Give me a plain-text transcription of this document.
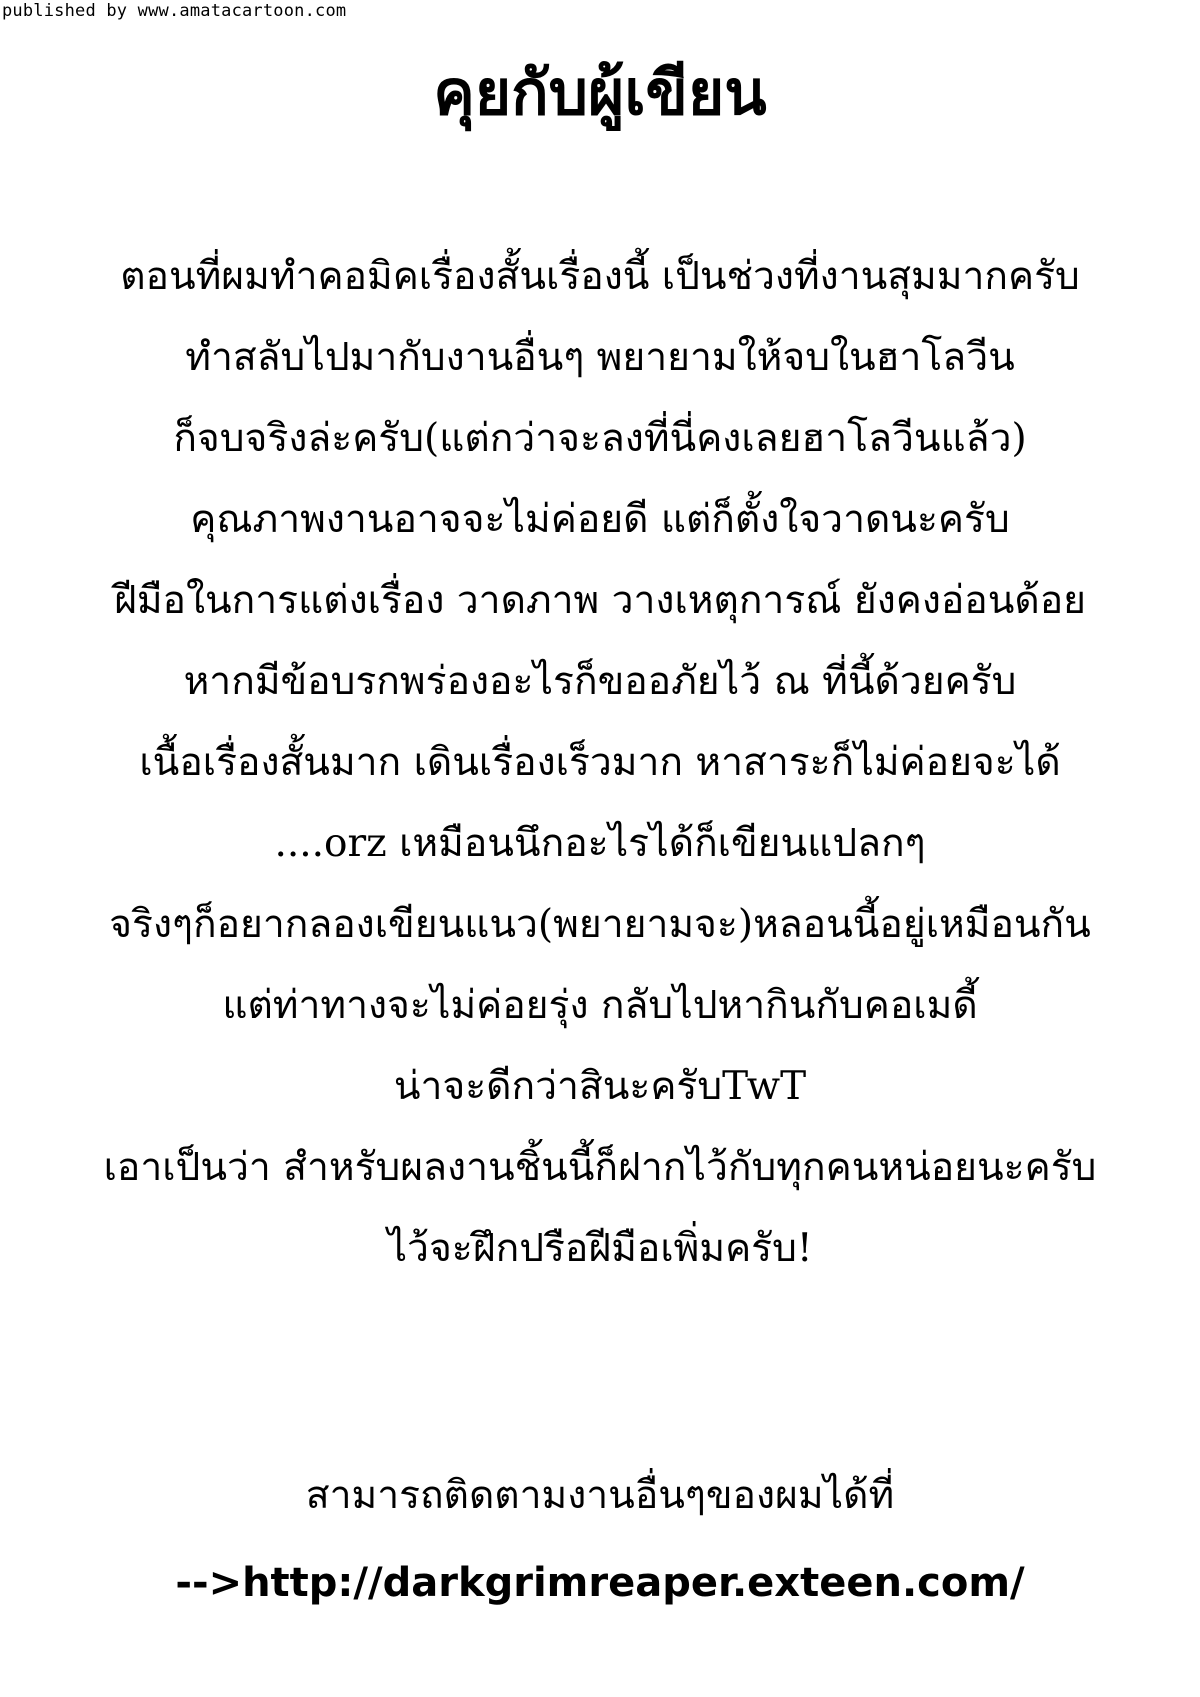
published by www.amatacartoon.com
คุยกับผู้เขียน
ตอนที่ผมทำคอมิคเรื่องสั้นเรื่องนี้ เป็นช่วงที่งานสุมมากครับ
ทำสลับไปมากับงานอื่นๆ พยายามให้จบในฮาโลวีน
ก็จบจริงล่ะครับ(แต่กว่าจะลงที่นี่คงเลยฮาโลวีนแล้ว)
คุณภาพงานอาจจะไม่ค่อยดี แต่ก็ตั้งใจวาดนะครับ
ฝีมือในการแต่งเรื่อง วาดภาพ วางเหตุการณ์ ยังคงอ่อนด้อย
หากมีข้อบรกพร่องอะไรก็ขออภัยไว้ ณ ที่นี้ด้วยครับ
เนื้อเรื่องสั้นมาก เดินเรื่องเร็วมาก หาสาระก็ไม่ค่อยจะได้
....orz เหมือนนึกอะไรได้ก็เขียนแปลกๆ
จริงๆก็อยากลองเขียนแนว(พยายามจะ)หลอนนี้อยู่เหมือนกัน
แต่ท่าทางจะไม่ค่อยรุ่ง กลับไปหากินกับคอเมดี้
น่าจะดีกว่าสินะครับTwT
เอาเป็นว่า สำหรับผลงานชิ้นนี้ก็ฝากไว้กับทุกคนหน่อยนะครับ
ไว้จะฝึกปรือฝีมือเพิ่มครับ!
สามารถติดตามงานอื่นๆของผมได้ที่
-->http://darkgrimreaper.exteen.com/
